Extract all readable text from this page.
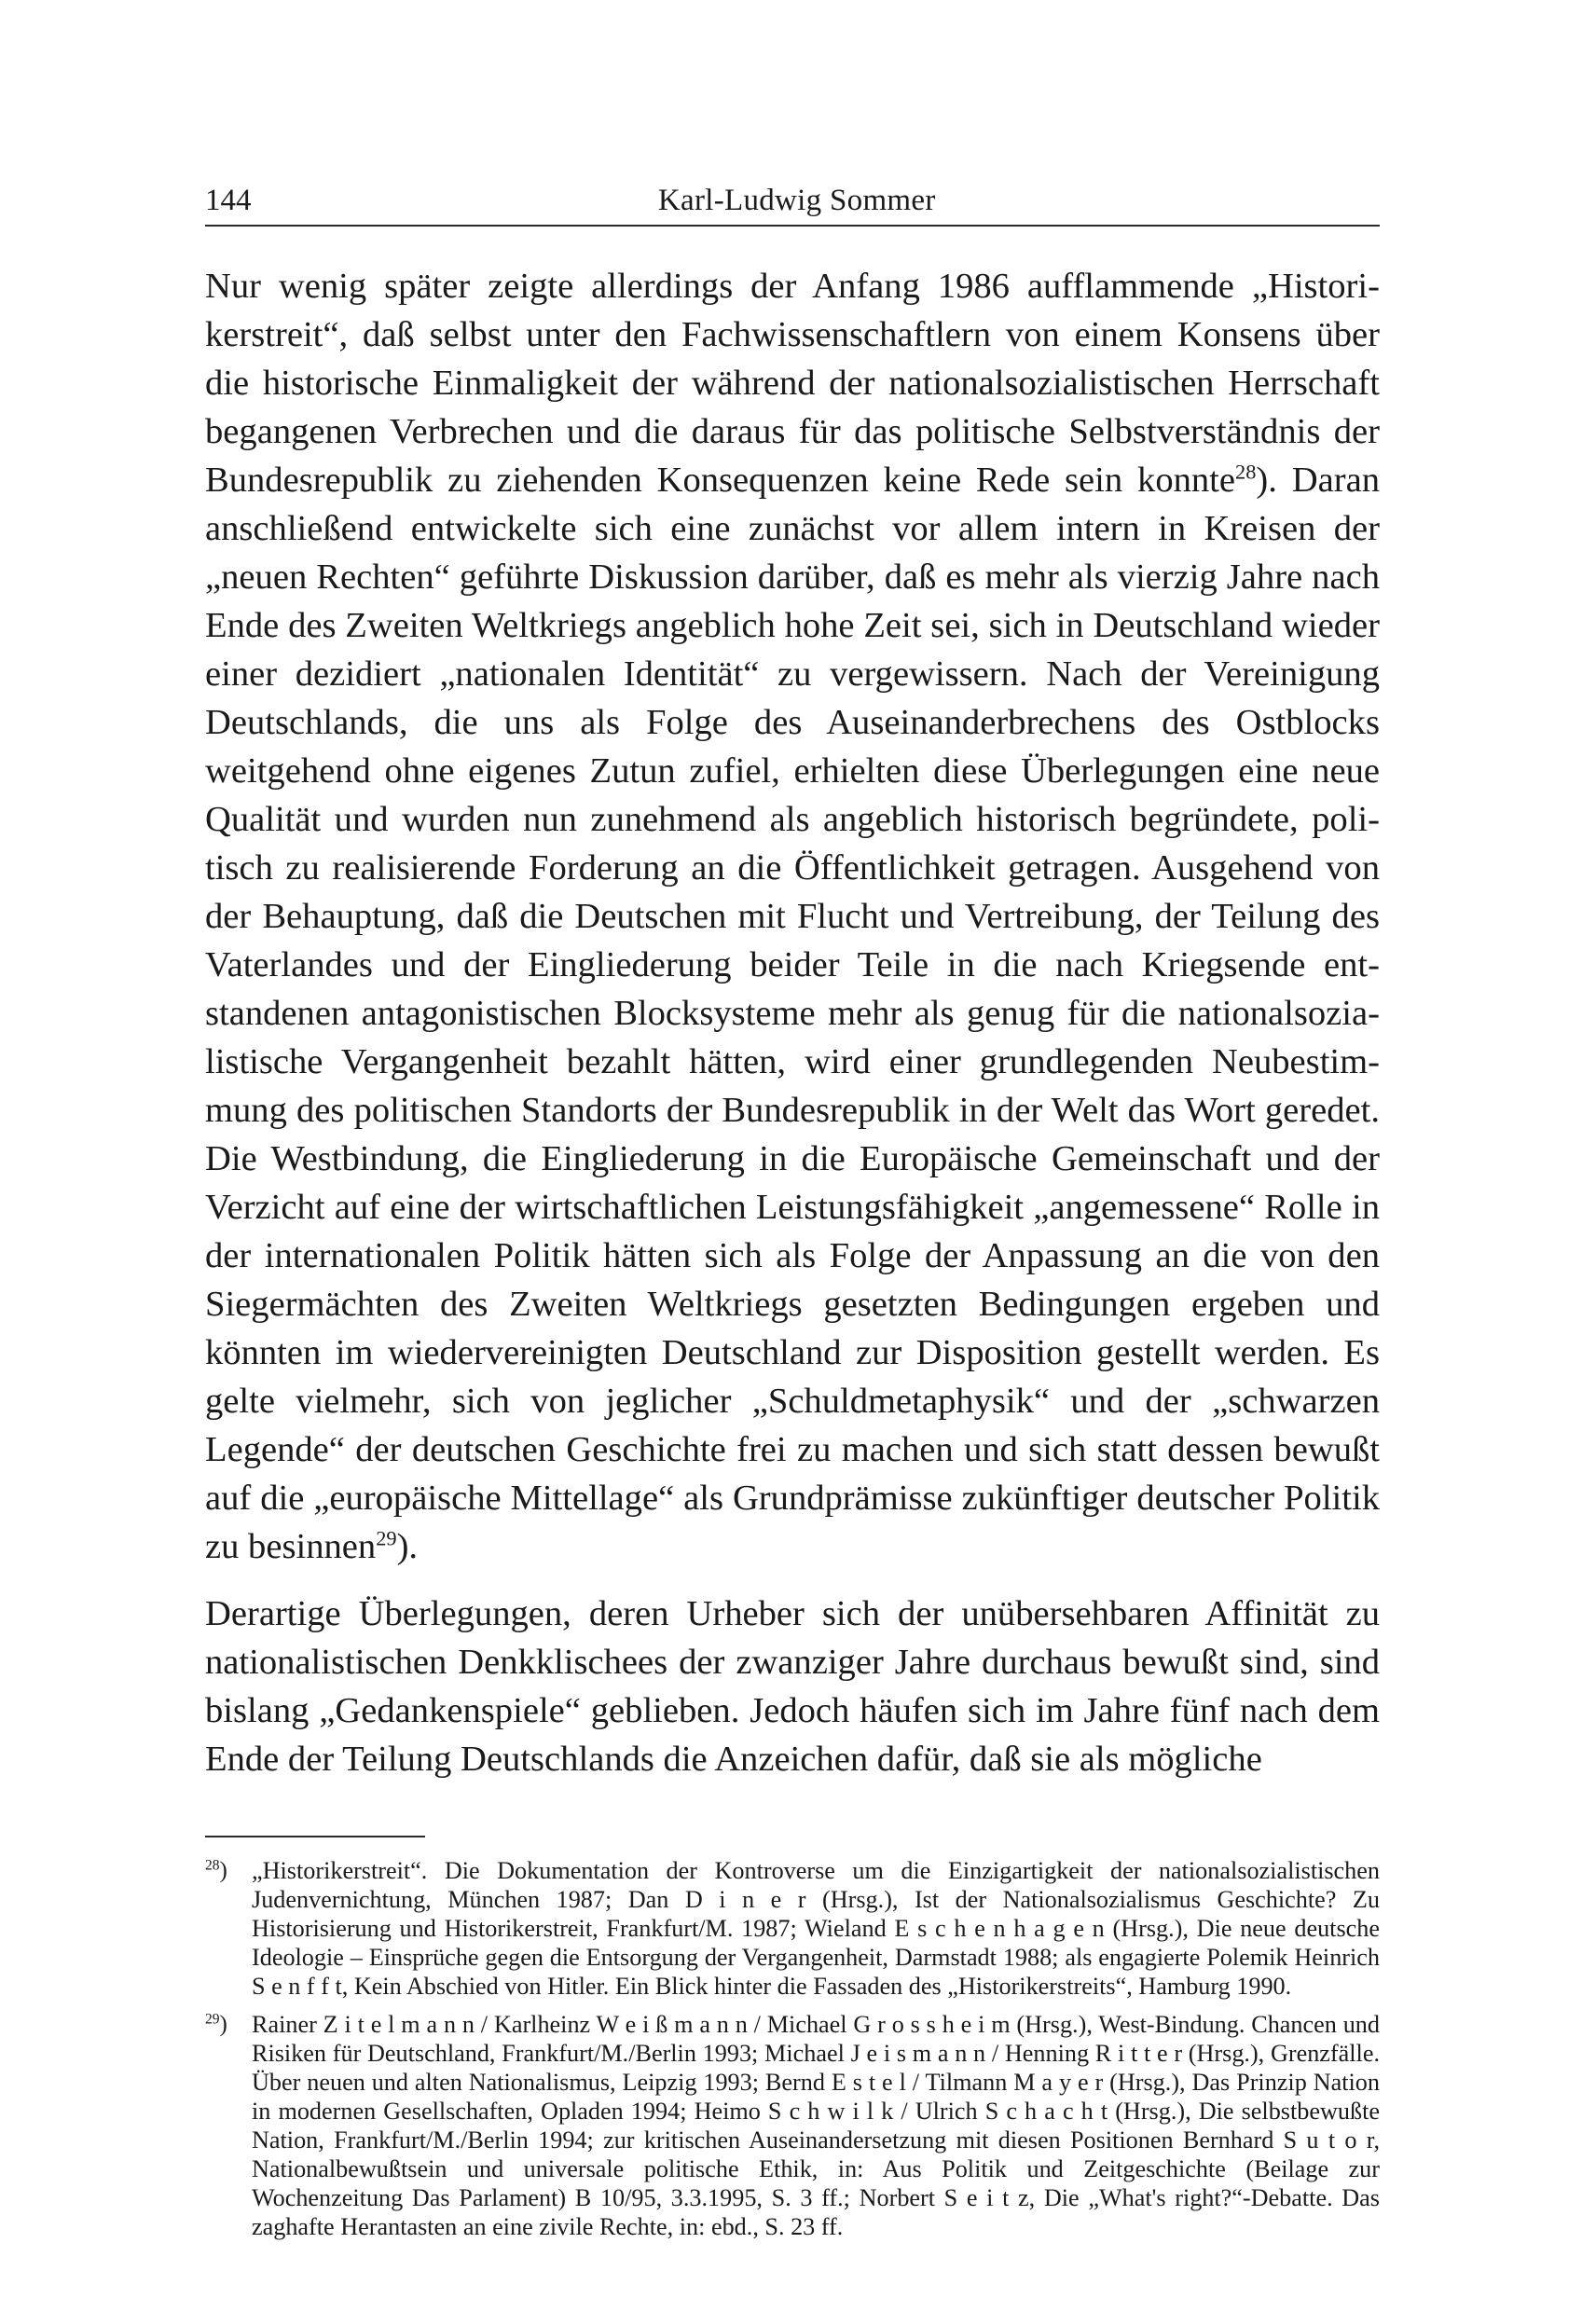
144	Karl-Ludwig Sommer

Nur wenig später zeigte allerdings der Anfang 1986 aufflammende „Historikerstreit“, daß selbst unter den Fachwissenschaftlern von einem Konsens über die historische Einmaligkeit der während der nationalsozialistischen Herrschaft begangenen Verbrechen und die daraus für das politische Selbstverständnis der Bundesrepublik zu ziehenden Konsequenzen keine Rede sein konnte$^{28}$). Daran anschließend entwickelte sich eine zunächst vor allem intern in Kreisen der „neuen Rechten“ geführte Diskussion darüber, daß es mehr als vierzig Jahre nach Ende des Zweiten Weltkriegs angeblich hohe Zeit sei, sich in Deutschland wieder einer dezidiert „nationalen Identität“ zu vergewissern. Nach der Vereinigung Deutschlands, die uns als Folge des Auseinanderbrechens des Ostblocks weitgehend ohne eigenes Zutun zufiel, erhielten diese Überlegungen eine neue Qualität und wurden nun zunehmend als angeblich historisch begründete, politisch zu realisierende Forderung an die Öffentlichkeit getragen. Ausgehend von der Behauptung, daß die Deutschen mit Flucht und Vertreibung, der Teilung des Vaterlandes und der Eingliederung beider Teile in die nach Kriegsende entstandenen antagonistischen Blocksysteme mehr als genug für die nationalsozialistische Vergangenheit bezahlt hätten, wird einer grundlegenden Neubestimmung des politischen Standorts der Bundesrepublik in der Welt das Wort geredet. Die Westbindung, die Eingliederung in die Europäische Gemeinschaft und der Verzicht auf eine der wirtschaftlichen Leistungsfähigkeit „angemessene“ Rolle in der internationalen Politik hätten sich als Folge der Anpassung an die von den Siegermächten des Zweiten Weltkriegs gesetzten Bedingungen ergeben und könnten im wiedervereinigten Deutschland zur Disposition gestellt werden. Es gelte vielmehr, sich von jeglicher „Schuldmetaphysik“ und der „schwarzen Legende“ der deutschen Geschichte frei zu machen und sich statt dessen bewußt auf die „europäische Mittellage“ als Grundprämisse zukünftiger deutscher Politik zu besinnen$^{29}$).

Derartige Überlegungen, deren Urheber sich der unübersehbaren Affinität zu nationalistischen Denkklischees der zwanziger Jahre durchaus bewußt sind, sind bislang „Gedankenspiele“ geblieben. Jedoch häufen sich im Jahre fünf nach dem Ende der Teilung Deutschlands die Anzeichen dafür, daß sie als mögliche

$^{28}$) „Historikerstreit“. Die Dokumentation der Kontroverse um die Einzigartigkeit der nationalsozialistischen Judenvernichtung, München 1987; Dan D i n e r (Hrsg.), Ist der Nationalsozialismus Geschichte? Zu Historisierung und Historikerstreit, Frankfurt/M. 1987; Wieland E s c h e n h a g e n (Hrsg.), Die neue deutsche Ideologie – Einsprüche gegen die Entsorgung der Vergangenheit, Darmstadt 1988; als engagierte Polemik Heinrich S e n f f t, Kein Abschied von Hitler. Ein Blick hinter die Fassaden des „Historikerstreits“, Hamburg 1990.
$^{29}$) Rainer Z i t e l m a n n / Karlheinz W e i ß m a n n / Michael G r o s s h e i m (Hrsg.), West-Bindung. Chancen und Risiken für Deutschland, Frankfurt/M./Berlin 1993; Michael J e i s m a n n / Henning R i t t e r (Hrsg.), Grenzfälle. Über neuen und alten Nationalismus, Leipzig 1993; Bernd E s t e l / Tilmann M a y e r (Hrsg.), Das Prinzip Nation in modernen Gesellschaften, Opladen 1994; Heimo S c h w i l k / Ulrich S c h a c h t (Hrsg.), Die selbstbewußte Nation, Frankfurt/M./Berlin 1994; zur kritischen Auseinandersetzung mit diesen Positionen Bernhard S u t o r, Nationalbewußtsein und universale politische Ethik, in: Aus Politik und Zeitgeschichte (Beilage zur Wochenzeitung Das Parlament) B 10/95, 3.3.1995, S. 3 ff.; Norbert S e i t z, Die „What's right?“-Debatte. Das zaghafte Herantasten an eine zivile Rechte, in: ebd., S. 23 ff.
